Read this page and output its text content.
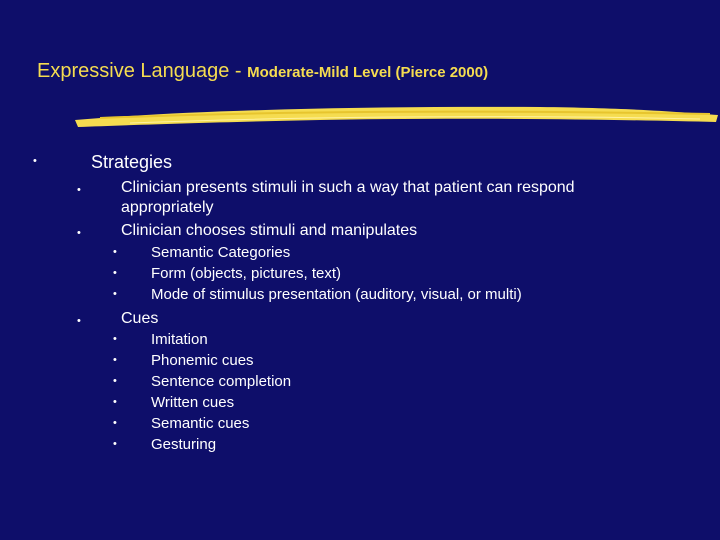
Expressive Language - Moderate-Mild Level (Pierce 2000)
•	Strategies
•	Clinician presents stimuli in such a way that patient can respond
appropriately
•	Clinician chooses stimuli and manipulates
• Semantic Categories
• Form (objects, pictures, text)
• Mode of stimulus presentation (auditory, visual, or multi)
•	Cues
• Imitation
• Phonemic cues
• Sentence completion
• Written cues
• Semantic cues
• Gesturing
